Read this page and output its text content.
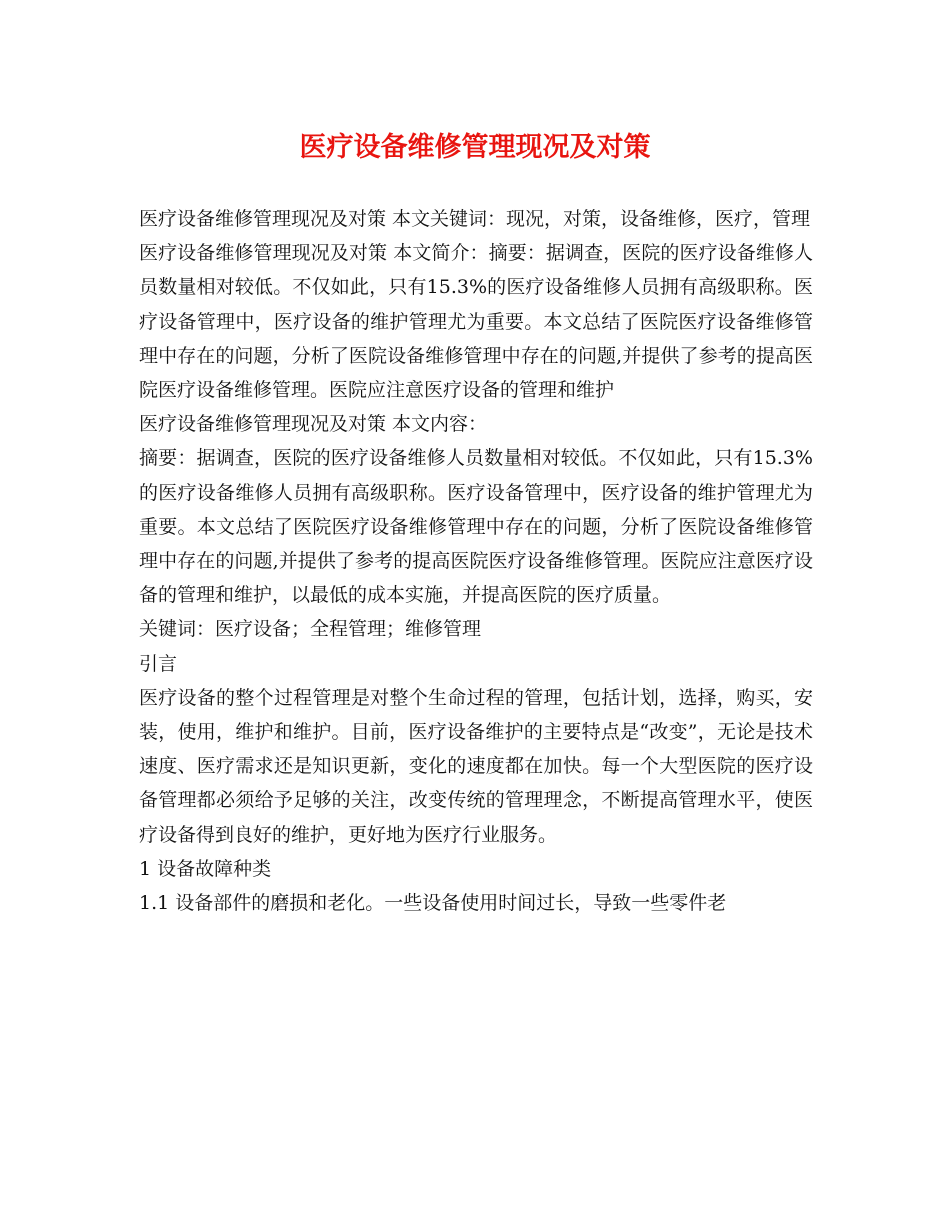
医疗设备维修管理现况及对策

医疗设备维修管理现况及对策 本文关键词：现况，对策，设备维修，医疗，管理

医疗设备维修管理现况及对策 本文简介：摘要：据调查，医院的医疗设备维修人员数量相对较低。不仅如此，只有15.3%的医疗设备维修人员拥有高级职称。医疗设备管理中，医疗设备的维护管理尤为重要。本文总结了医院医疗设备维修管理中存在的问题，分析了医院设备维修管理中存在的问题,并提供了参考的提高医院医疗设备维修管理。医院应注意医疗设备的管理和维护

医疗设备维修管理现况及对策 本文内容：

摘要：据调查，医院的医疗设备维修人员数量相对较低。不仅如此，只有15.3%的医疗设备维修人员拥有高级职称。医疗设备管理中，医疗设备的维护管理尤为重要。本文总结了医院医疗设备维修管理中存在的问题，分析了医院设备维修管理中存在的问题,并提供了参考的提高医院医疗设备维修管理。医院应注意医疗设备的管理和维护，以最低的成本实施，并提高医院的医疗质量。

关键词：医疗设备；全程管理；维修管理

引言

医疗设备的整个过程管理是对整个生命过程的管理，包括计划，选择，购买，安装，使用，维护和维护。目前，医疗设备维护的主要特点是“改变”，无论是技术速度、医疗需求还是知识更新，变化的速度都在加快。每一个大型医院的医疗设备管理都必须给予足够的关注，改变传统的管理理念，不断提高管理水平，使医疗设备得到良好的维护，更好地为医疗行业服务。

1 设备故障种类

1.1 设备部件的磨损和老化。一些设备使用时间过长，导致一些零件老
